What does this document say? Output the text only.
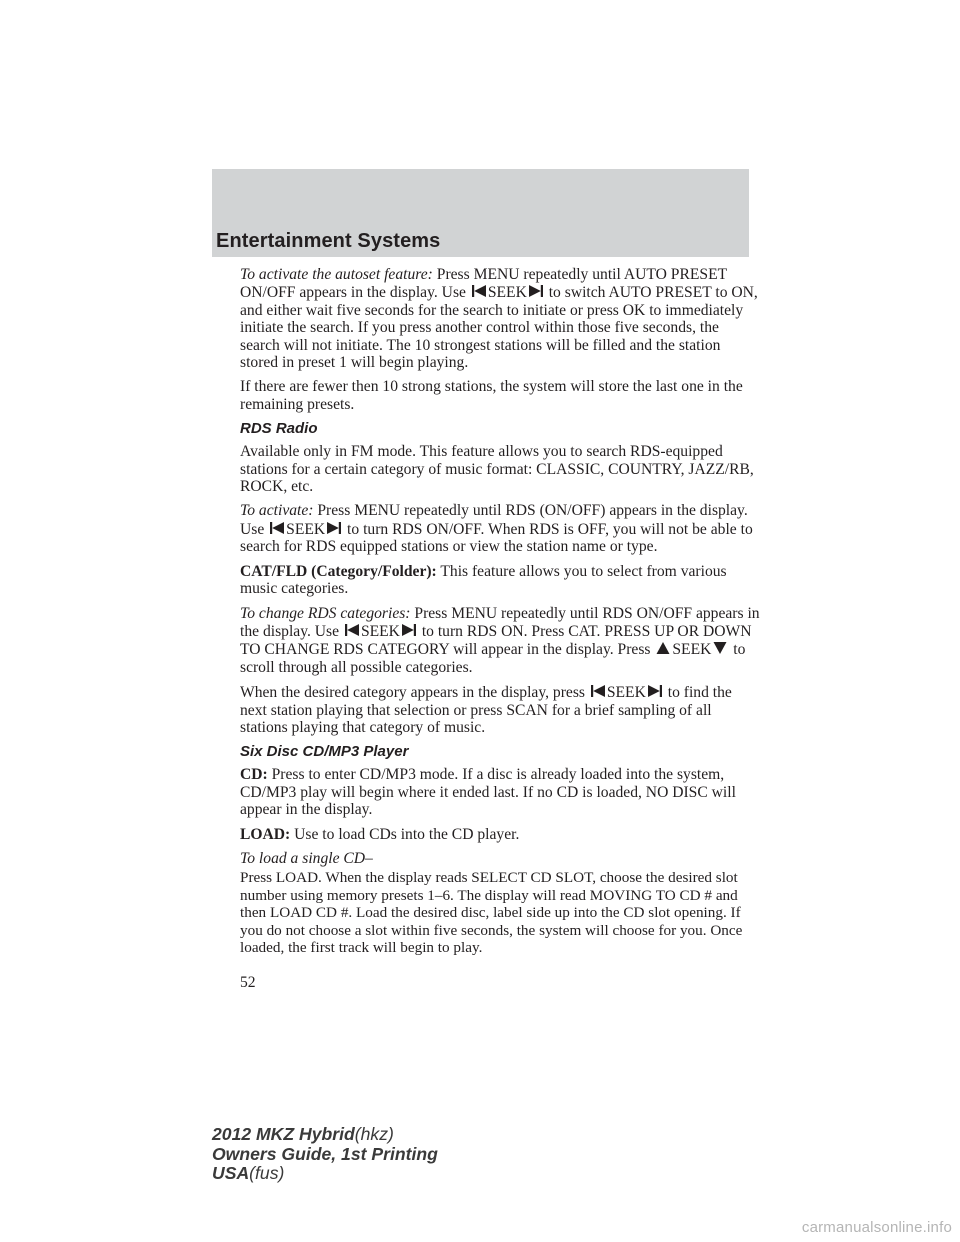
Entertainment Systems

To activate the autoset feature: Press MENU repeatedly until AUTO PRESET ON/OFF appears in the display. Use
SEEK
to switch AUTO PRESET to ON, and either wait five seconds for the search to initiate or press OK to immediately initiate the search. If you press another control within those five seconds, the search will not initiate. The 10 strongest stations will be filled and the station stored in preset 1 will begin playing.

If there are fewer then 10 strong stations, the system will store the last one in the remaining presets.

RDS Radio

Available only in FM mode. This feature allows you to search RDS-equipped stations for a certain category of music format: CLASSIC, COUNTRY, JAZZ/RB, ROCK, etc.

To activate: Press MENU repeatedly until RDS (ON/OFF) appears in the display. Use
SEEK
to turn RDS ON/OFF. When RDS is OFF, you will not be able to search for RDS equipped stations or view the station name or type.

CAT/FLD (Category/Folder): This feature allows you to select from various music categories.

To change RDS categories: Press MENU repeatedly until RDS ON/OFF appears in the display. Use
SEEK
to turn RDS ON. Press CAT. PRESS UP OR DOWN TO CHANGE RDS CATEGORY will appear in the display. Press
SEEK
to scroll through all possible categories.

When the desired category appears in the display, press
SEEK
to find the next station playing that selection or press SCAN for a brief sampling of all stations playing that category of music.

Six Disc CD/MP3 Player

CD: Press to enter CD/MP3 mode. If a disc is already loaded into the system, CD/MP3 play will begin where it ended last. If no CD is loaded, NO DISC will appear in the display.

LOAD: Use to load CDs into the CD player.

To load a single CD–

Press LOAD. When the display reads SELECT CD SLOT, choose the desired slot number using memory presets 1–6. The display will read MOVING TO CD # and then LOAD CD #. Load the desired disc, label side up into the CD slot opening. If you do not choose a slot within five seconds, the system will choose for you. Once loaded, the first track will begin to play.

52
2012 MKZ Hybrid(hkz)
Owners Guide, 1st Printing
USA(fus)
carmanualsonline.info
